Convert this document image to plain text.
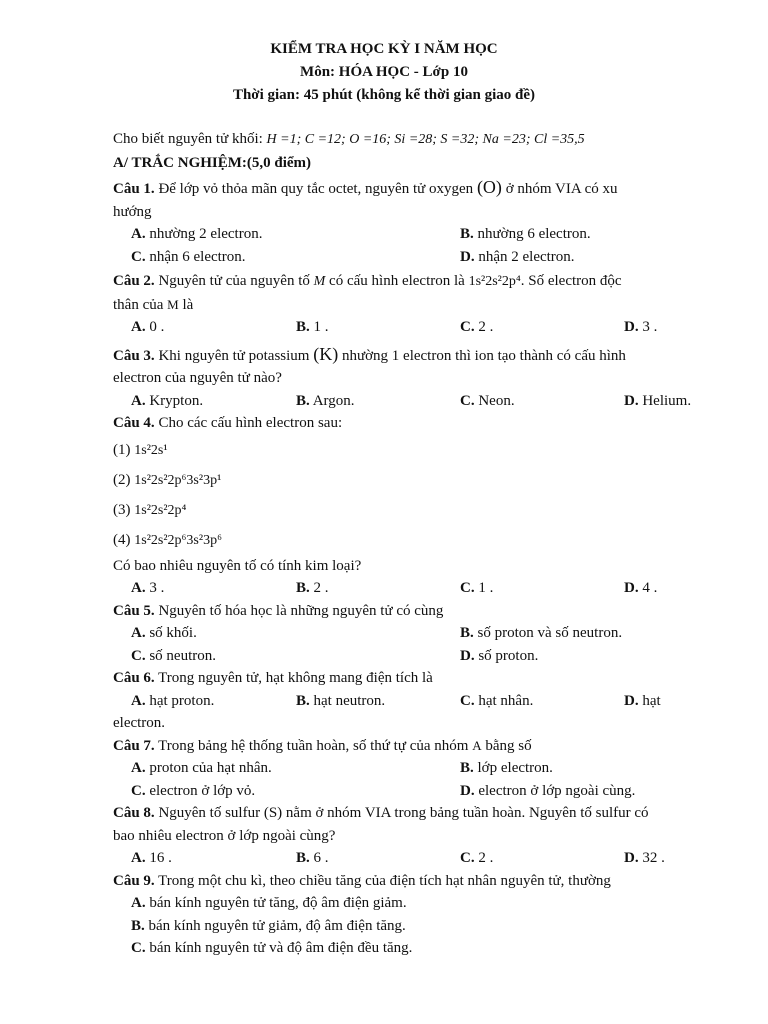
KIỂM TRA HỌC KỲ I NĂM HỌC
Môn: HÓA HỌC - Lớp 10
Thời gian: 45 phút (không kể thời gian giao đề)
Cho biết nguyên tử khối: H =1; C =12; O =16; Si =28; S =32; Na =23; Cl =35,5
A/ TRẮC NGHIỆM:(5,0 điểm)
Câu 1. Để lớp vỏ thỏa mãn quy tắc octet, nguyên tử oxygen (O) ở nhóm VIA có xu
hướng
A. nhường 2 electron.	B. nhường 6 electron.
C. nhận 6 electron.	D. nhận 2 electron.
Câu 2. Nguyên tử của nguyên tố M có cấu hình electron là 1s²2s²2p⁴. Số electron độc
thân của M là
A. 0 .	B. 1 .	C. 2 .	D. 3 .
Câu 3. Khi nguyên tử potassium (K) nhường 1 electron thì ion tạo thành có cấu hình
electron của nguyên tử nào?
A. Krypton.	B. Argon.	C. Neon.	D. Helium.
Câu 4. Cho các cấu hình electron sau:
(1) 1s²2s¹
(2) 1s²2s²2p⁶3s²3p¹
(3) 1s²2s²2p⁴
(4) 1s²2s²2p⁶3s²3p⁶
Có bao nhiêu nguyên tố có tính kim loại?
A. 3 .	B. 2 .	C. 1 .	D. 4 .
Câu 5. Nguyên tố hóa học là những nguyên tử có cùng
A. số khối.	B. số proton và số neutron.
C. số neutron.	D. số proton.
Câu 6. Trong nguyên tử, hạt không mang điện tích là
A. hạt proton.	B. hạt neutron.	C. hạt nhân.	D. hạt
electron.
Câu 7. Trong bảng hệ thống tuần hoàn, số thứ tự của nhóm A bằng số
A. proton của hạt nhân.	B. lớp electron.
C. electron ở lớp vỏ.	D. electron ở lớp ngoài cùng.
Câu 8. Nguyên tố sulfur (S) nằm ở nhóm VIA trong bảng tuần hoàn. Nguyên tố sulfur có
bao nhiêu electron ở lớp ngoài cùng?
A. 16 .	B. 6 .	C. 2 .	D. 32 .
Câu 9. Trong một chu kì, theo chiều tăng của điện tích hạt nhân nguyên tử, thường
A. bán kính nguyên tử tăng, độ âm điện giảm.
B. bán kính nguyên tử giảm, độ âm điện tăng.
C. bán kính nguyên tử và độ âm điện đều tăng.
